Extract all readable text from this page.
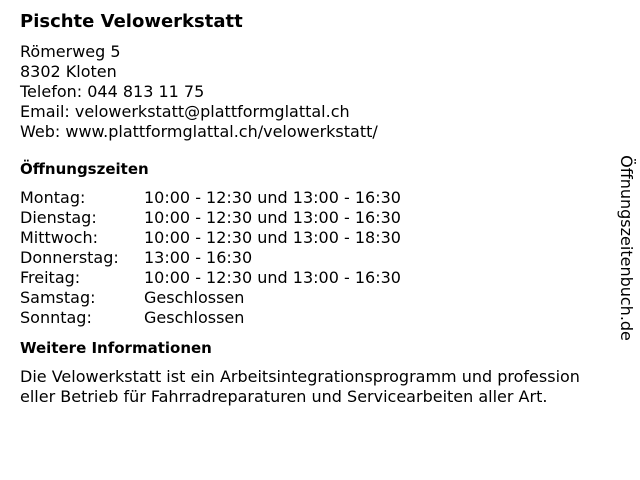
Pischte Velowerkstatt
Römerweg 5
8302 Kloten
Telefon: 044 813 11 75
Email: velowerkstatt@plattformglattal.ch
Web: www.plattformglattal.ch/velowerkstatt/
Öffnungszeiten
Montag:	10:00 - 12:30 und 13:00 - 16:30
Dienstag:	10:00 - 12:30 und 13:00 - 16:30
Mittwoch:	10:00 - 12:30 und 13:00 - 18:30
Donnerstag:	13:00 - 16:30
Freitag:	10:00 - 12:30 und 13:00 - 16:30
Samstag:	Geschlossen
Sonntag:	Geschlossen
Weitere Informationen
Die Velowerkstatt ist ein Arbeitsintegrationsprogramm und profession
eller Betrieb für Fahrradreparaturen und Servicearbeiten aller Art.
Öffnungszeitenbuch.de
